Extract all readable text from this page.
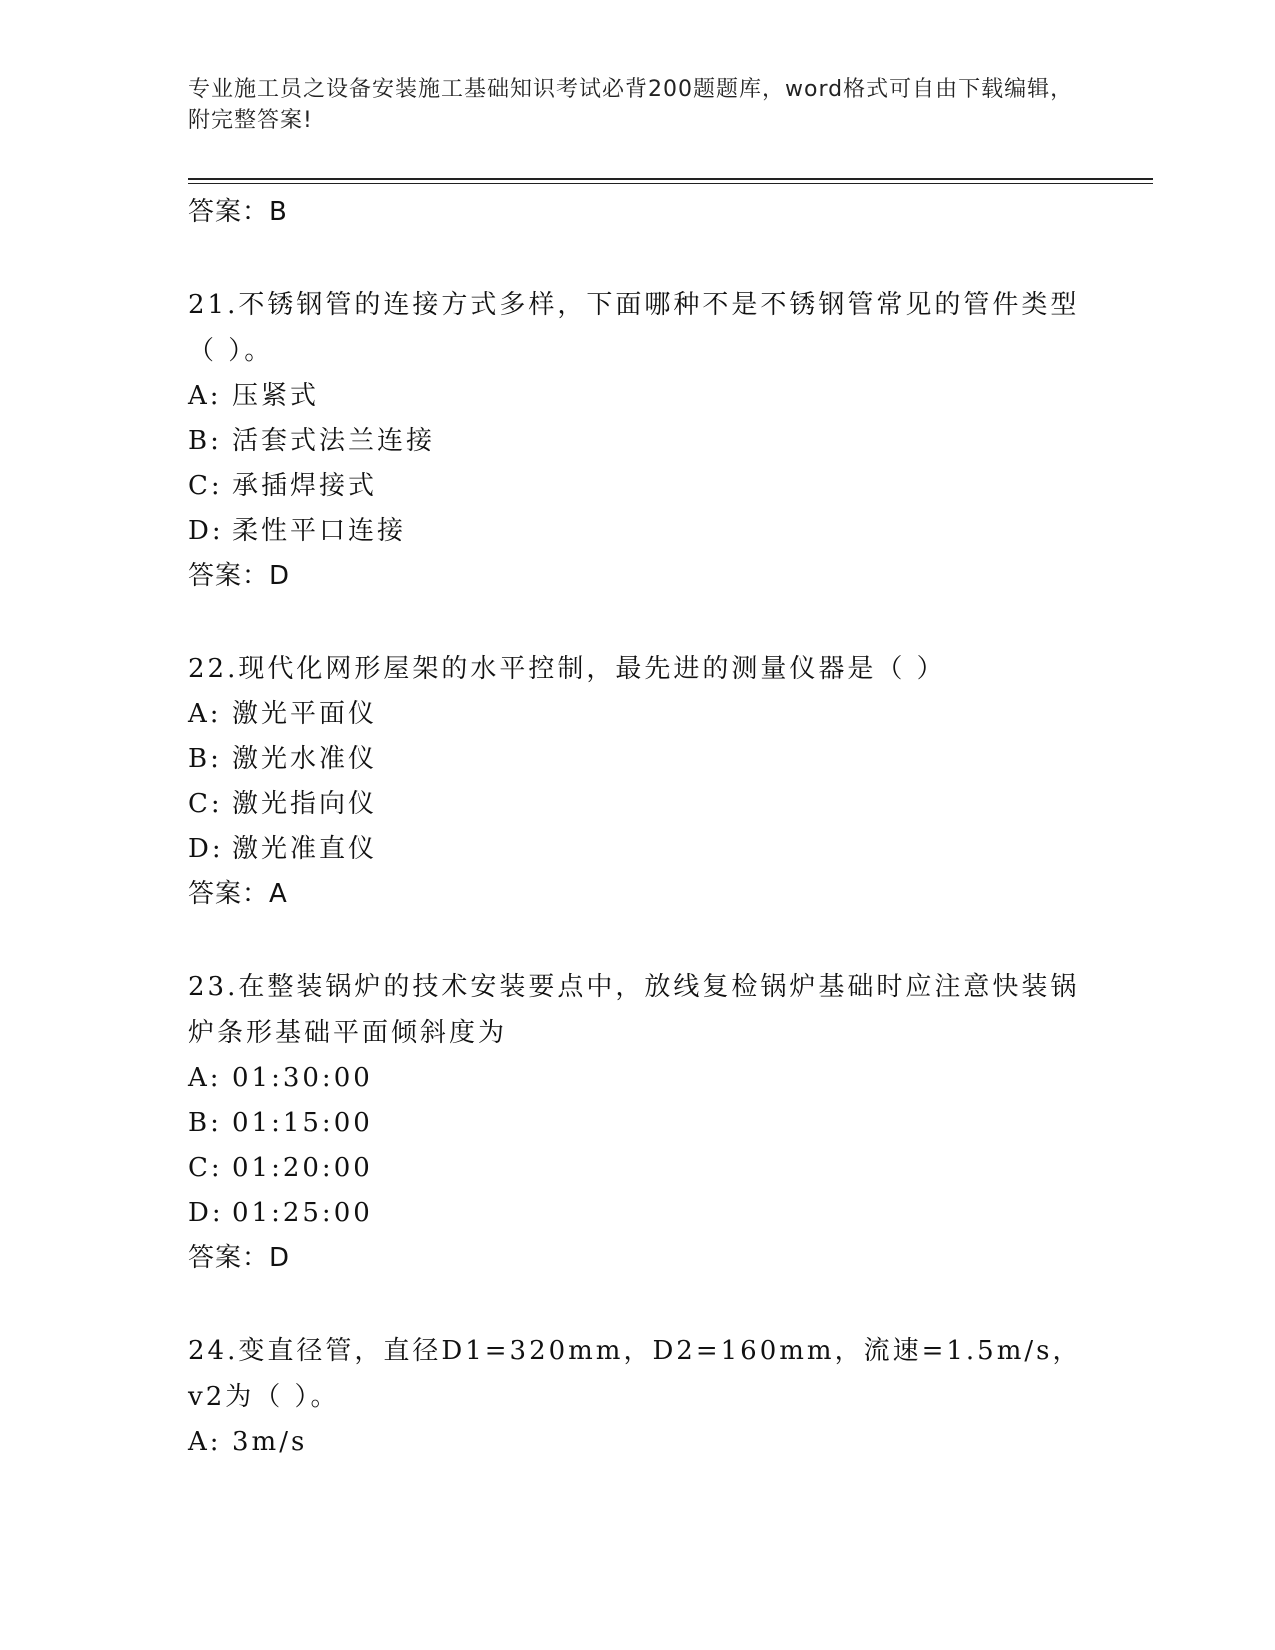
专业施工员之设备安装施工基础知识考试必背200题题库，word格式可自由下载编辑，附完整答案!
答案：B
21.不锈钢管的连接方式多样，下面哪种不是不锈钢管常见的管件类型（ ）。
A: 压紧式
B: 活套式法兰连接
C: 承插焊接式
D: 柔性平口连接
答案：D
22.现代化网形屋架的水平控制，最先进的测量仪器是（ ）
A: 激光平面仪
B: 激光水准仪
C: 激光指向仪
D: 激光准直仪
答案：A
23.在整装锅炉的技术安装要点中，放线复检锅炉基础时应注意快装锅炉条形基础平面倾斜度为
A: 01:30:00
B: 01:15:00
C: 01:20:00
D: 01:25:00
答案：D
24.变直径管，直径D1=320mm，D2=160mm，流速=1.5m/s，v2为（ ）。
A: 3m/s
